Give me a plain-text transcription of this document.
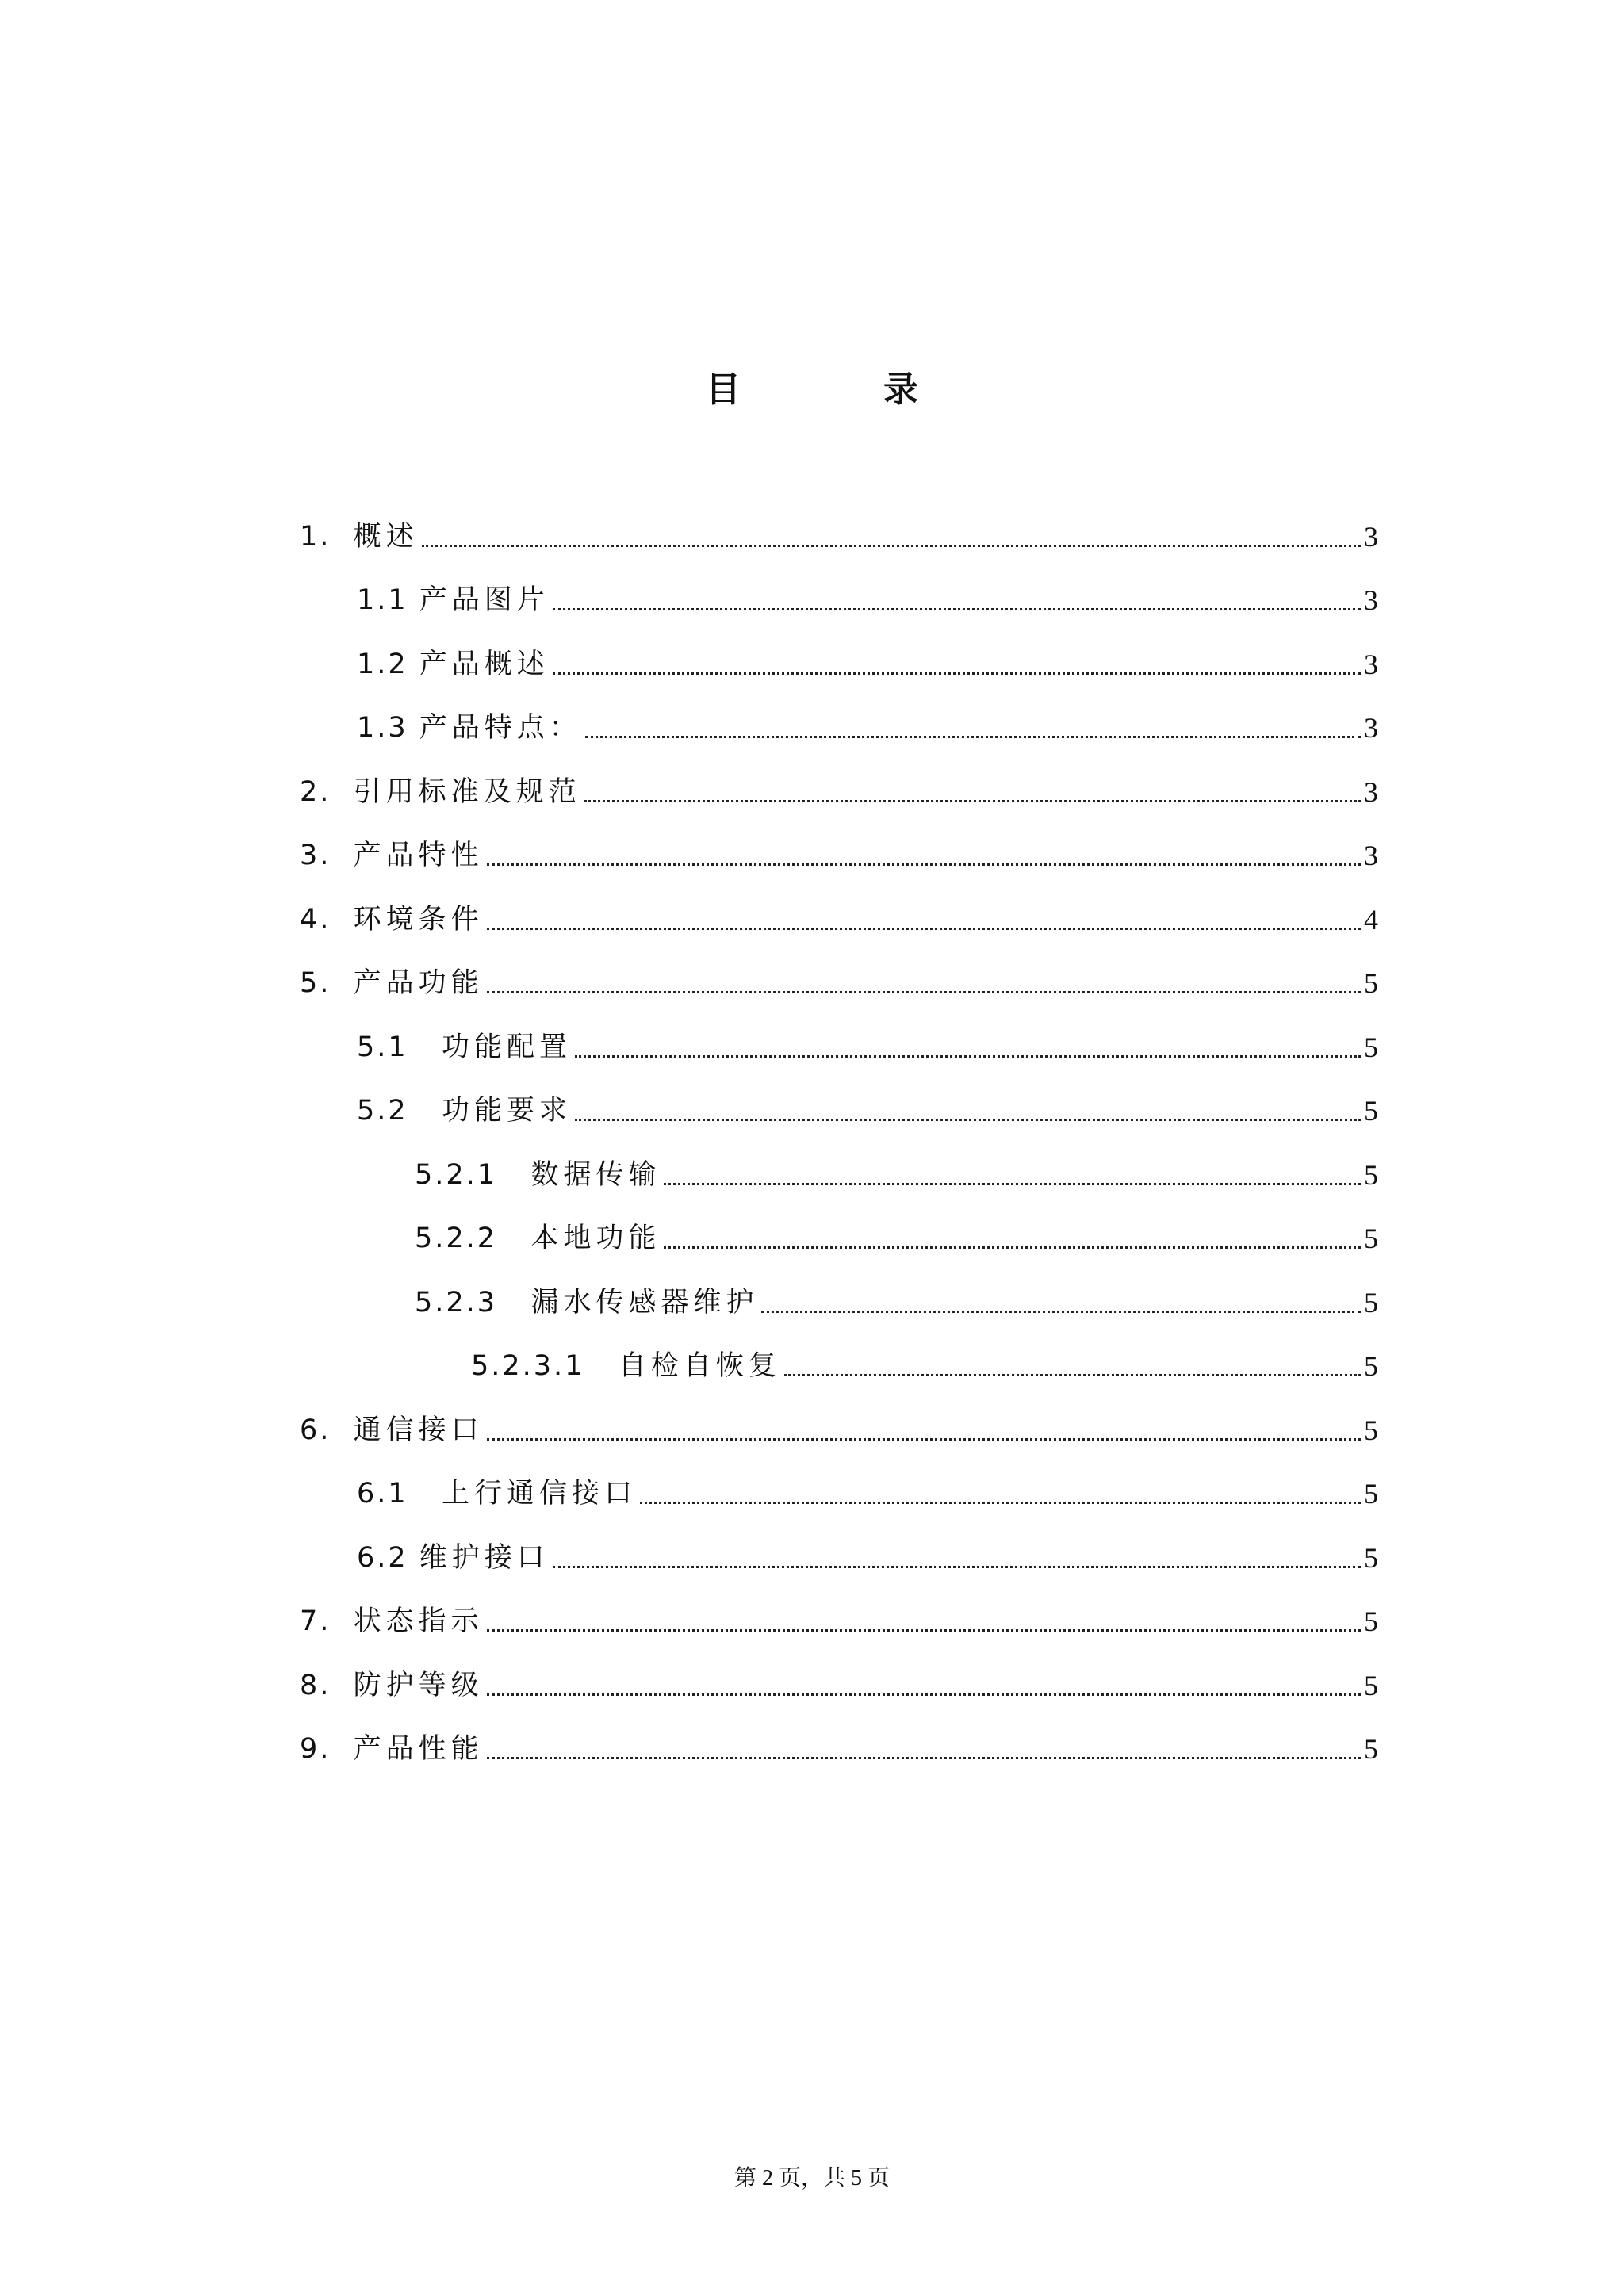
目　录
1. 概述	3
1.1 产品图片	3
1.2 产品概述	3
1.3 产品特点：	3
2. 引用标准及规范	3
3. 产品特性	3
4. 环境条件	4
5. 产品功能	5
5.1 功能配置	5
5.2 功能要求	5
5.2.1 数据传输	5
5.2.2 本地功能	5
5.2.3 漏水传感器维护	5
5.2.3.1 自检自恢复	5
6. 通信接口	5
6.1 上行通信接口	5
6.2 维护接口	5
7. 状态指示	5
8. 防护等级	5
9. 产品性能	5
第 2 页，共 5 页
